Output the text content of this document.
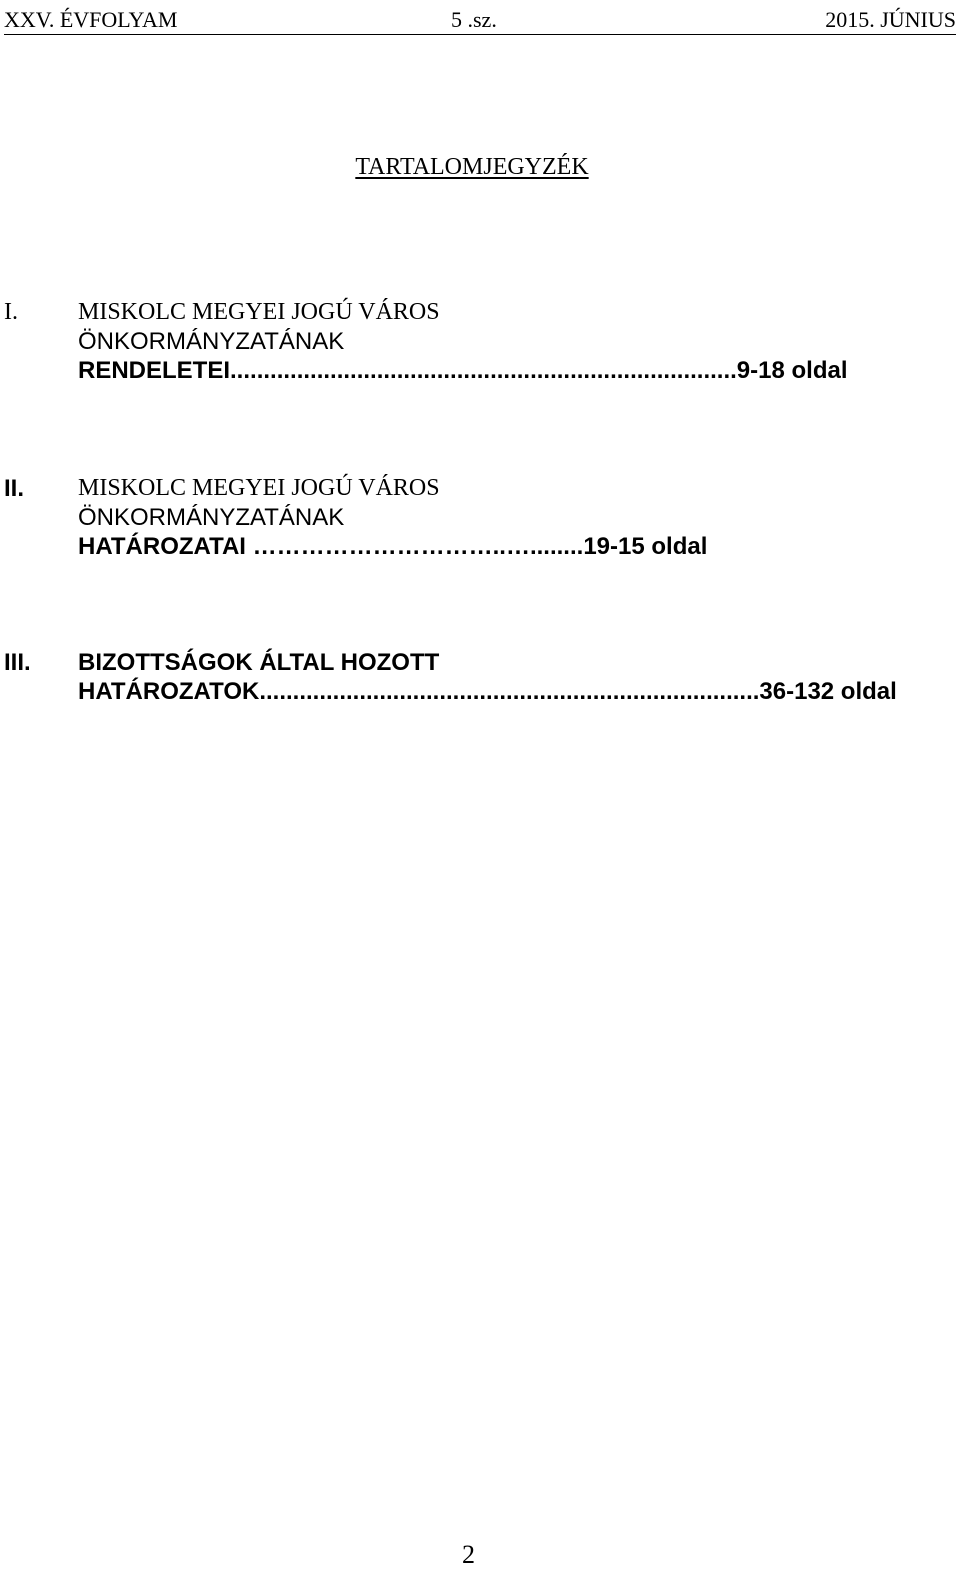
XXV. ÉVFOLYAM	5 .sz.	2015. JÚNIUS
TARTALOMJEGYZÉK
I.	MISKOLC MEGYEI JOGÚ VÁROS
ÖNKORMÁNYZATÁNAK
RENDELETEI............................................................................9-18 oldal
II. MISKOLC MEGYEI JOGÚ VÁROS
ÖNKORMÁNYZATÁNAK
HATÁROZATAI …………………………..…........19-15 oldal
III. BIZOTTSÁGOK ÁLTAL HOZOTT
HATÁROZATOK...........................................................................36-132 oldal
2
